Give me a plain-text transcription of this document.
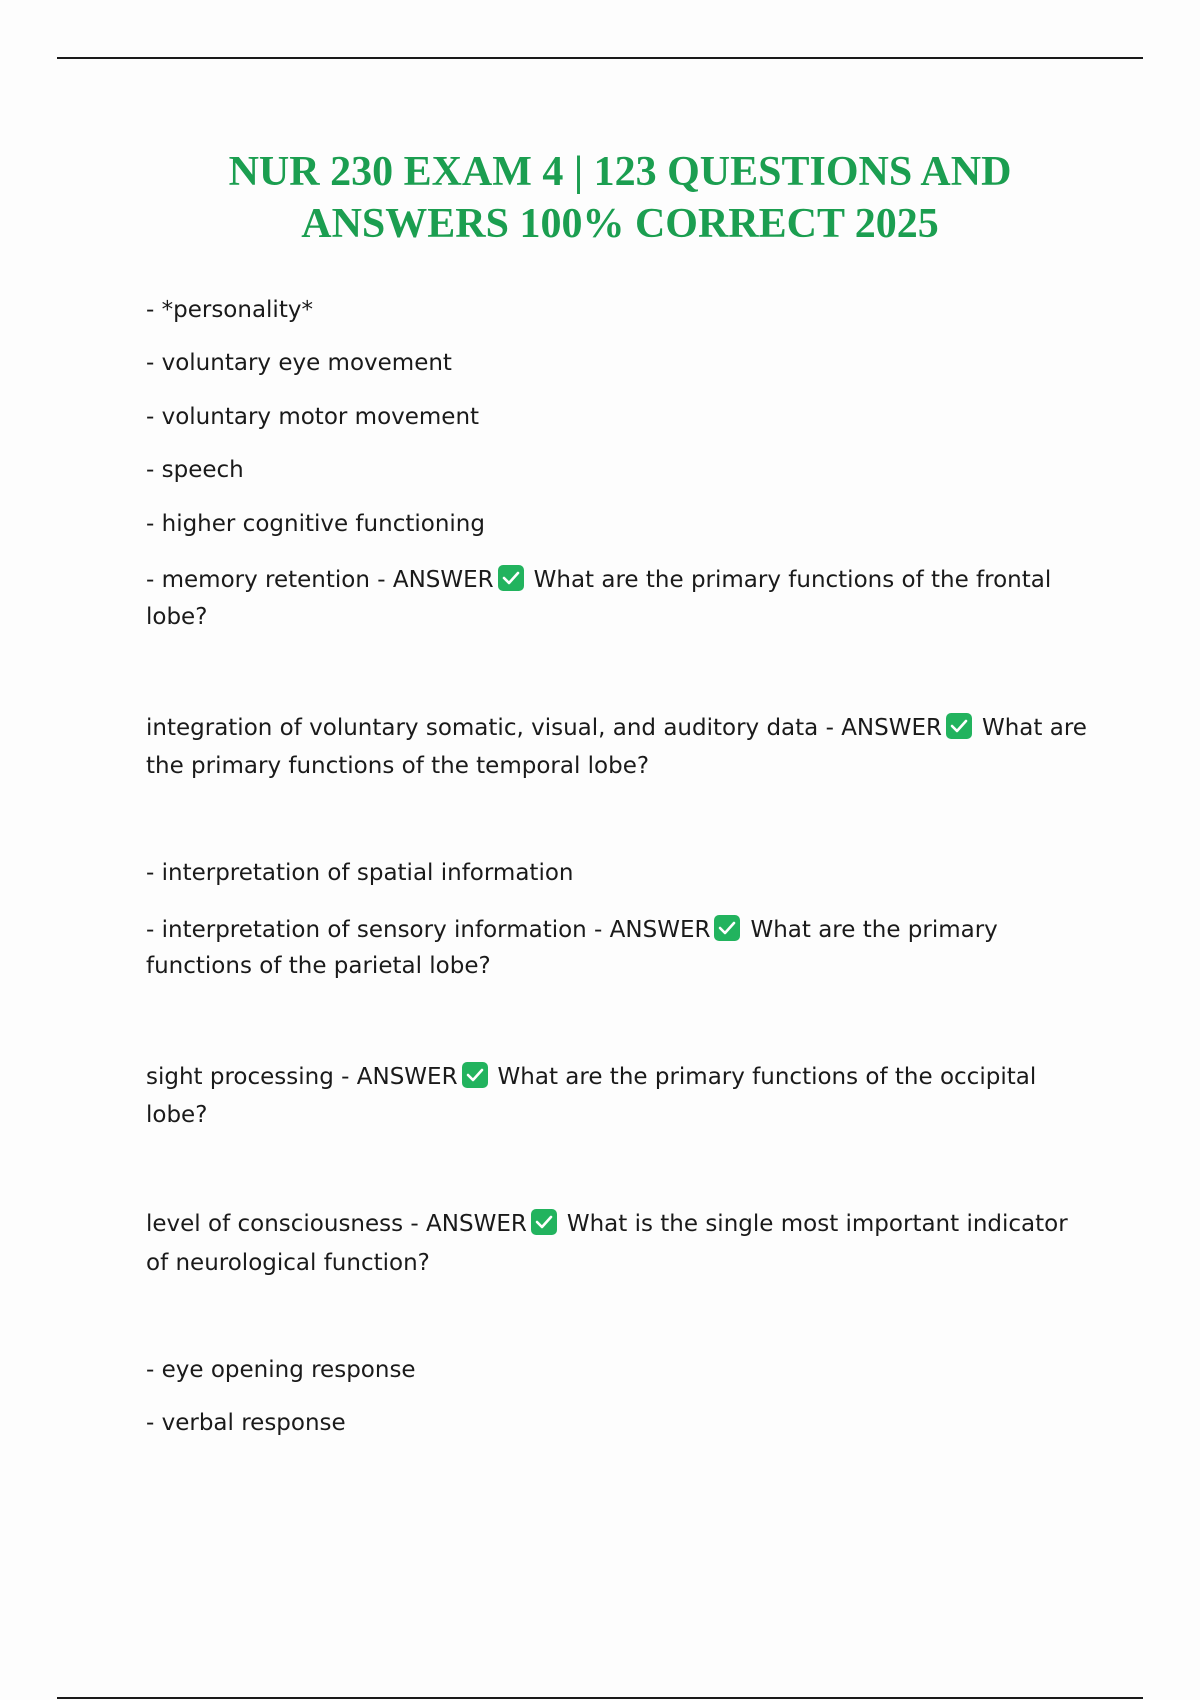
NUR 230 EXAM 4 | 123 QUESTIONS AND
ANSWERS 100% CORRECT 2025
- *personality*
- voluntary eye movement
- voluntary motor movement
- speech
- higher cognitive functioning
- memory retention - ANSWER What are the primary functions of the frontal
lobe?
integration of voluntary somatic, visual, and auditory data - ANSWER What are
the primary functions of the temporal lobe?
- interpretation of spatial information
- interpretation of sensory information - ANSWER What are the primary
functions of the parietal lobe?
sight processing - ANSWER What are the primary functions of the occipital
lobe?
level of consciousness - ANSWER What is the single most important indicator
of neurological function?
- eye opening response
- verbal response
